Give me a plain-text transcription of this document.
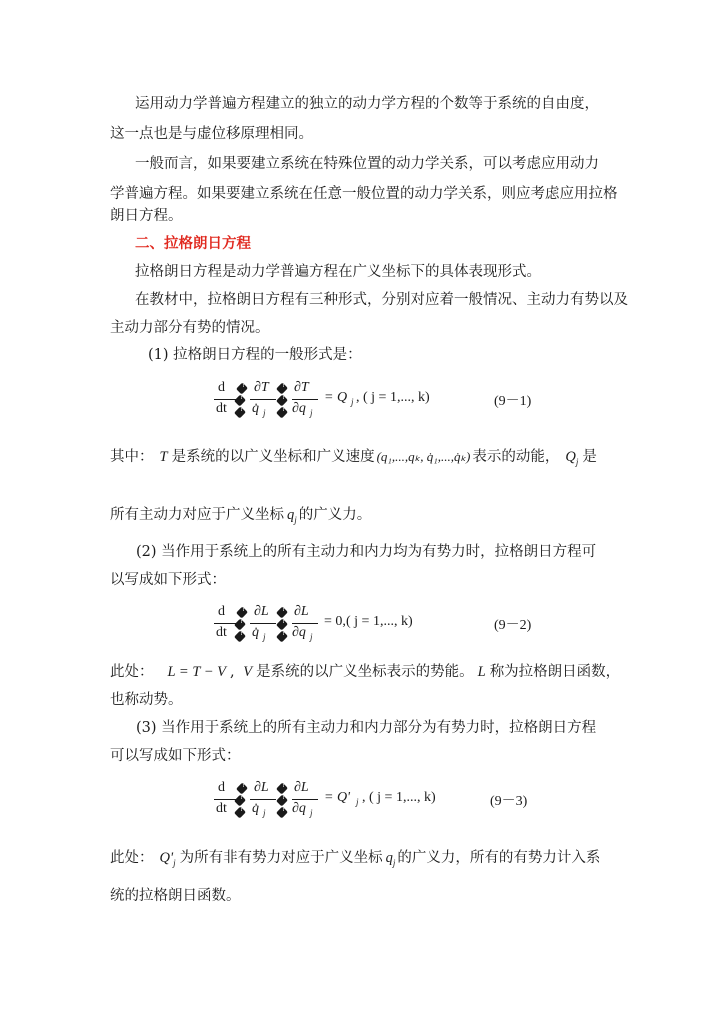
运用动力学普遍方程建立的独立的动力学方程的个数等于系统的自由度，
这一点也是与虚位移原理相同。
一般而言，如果要建立系统在特殊位置的动力学关系，可以考虑应用动力
学普遍方程。如果要建立系统在任意一般位置的动力学关系，则应考虑应用拉格
朗日方程。
二、拉格朗日方程
拉格朗日方程是动力学普遍方程在广义坐标下的具体表现形式。
在教材中，拉格朗日方程有三种形式，分别对应着一般情况、主动力有势以及
主动力部分有势的情况。
(1) 拉格朗日方程的一般形式是：
d
dt
?
?
?
∂T
q̇ j
?
?
?
∂T
∂q j
= Q j , ( j = 1,..., k)	(9－1)
其中： T 是系统的以广义坐标和广义速度 (q₁,...,qₖ, q̇₁,...,q̇ₖ) 表示的动能， $Q_j$ 是
所有主动力对应于广义坐标 $q_j$ 的广义力。
(2) 当作用于系统上的所有主动力和内力均为有势力时，拉格朗日方程可
以写成如下形式：
d
dt
?
?
?
∂L
q̇ j
?
?
?
∂L
∂q j
= 0, ( j = 1,..., k)	(9－2)
此处： L = T − V , V 是系统的以广义坐标表示的势能。 L 称为拉格朗日函数，
也称动势。
(3) 当作用于系统上的所有主动力和内力部分为有势力时，拉格朗日方程
可以写成如下形式：
d
dt
?
?
?
∂L
q̇ j
?
?
?
∂L
∂q j
= Q' j , ( j = 1,..., k)	(9－3)
此处： $Q'_j$ 为所有非有势力对应于广义坐标 $q_j$ 的广义力，所有的有势力计入系
统的拉格朗日函数。
